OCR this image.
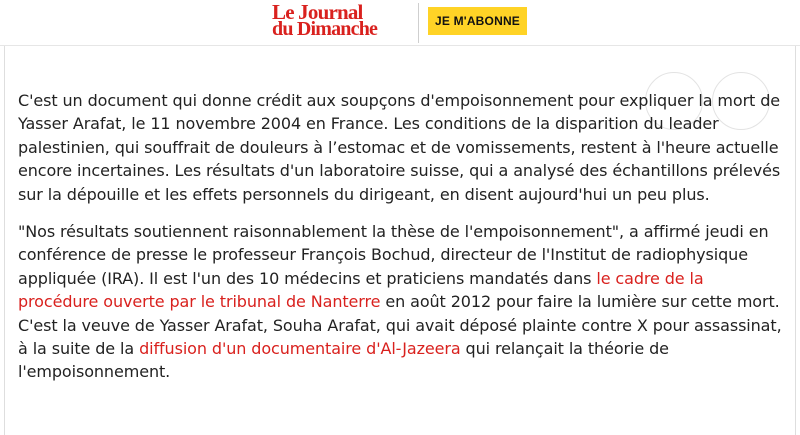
Le Journal
du Dimanche	JE M'ABONNE

C'est un document qui donne crédit aux soupçons d'empoisonnement pour expliquer la mort de Yasser Arafat, le 11 novembre 2004 en France. Les conditions de la disparition du leader palestinien, qui souffrait de douleurs à l’estomac et de vomissements, restent à l'heure actuelle encore incertaines. Les résultats d'un laboratoire suisse, qui a analysé des échantillons prélevés sur la dépouille et les effets personnels du dirigeant, en disent aujourd'hui un peu plus.

"Nos résultats soutiennent raisonnablement la thèse de l'empoisonnement", a affirmé jeudi en conférence de presse le professeur François Bochud, directeur de l'Institut de radiophysique appliquée (IRA). Il est l'un des 10 médecins et praticiens mandatés dans le cadre de la procédure ouverte par le tribunal de Nanterre en août 2012 pour faire la lumière sur cette mort. C'est la veuve de Yasser Arafat, Souha Arafat, qui avait déposé plainte contre X pour assassinat, à la suite de la diffusion d'un documentaire d'Al-Jazeera qui relançait la théorie de l'empoisonnement.
